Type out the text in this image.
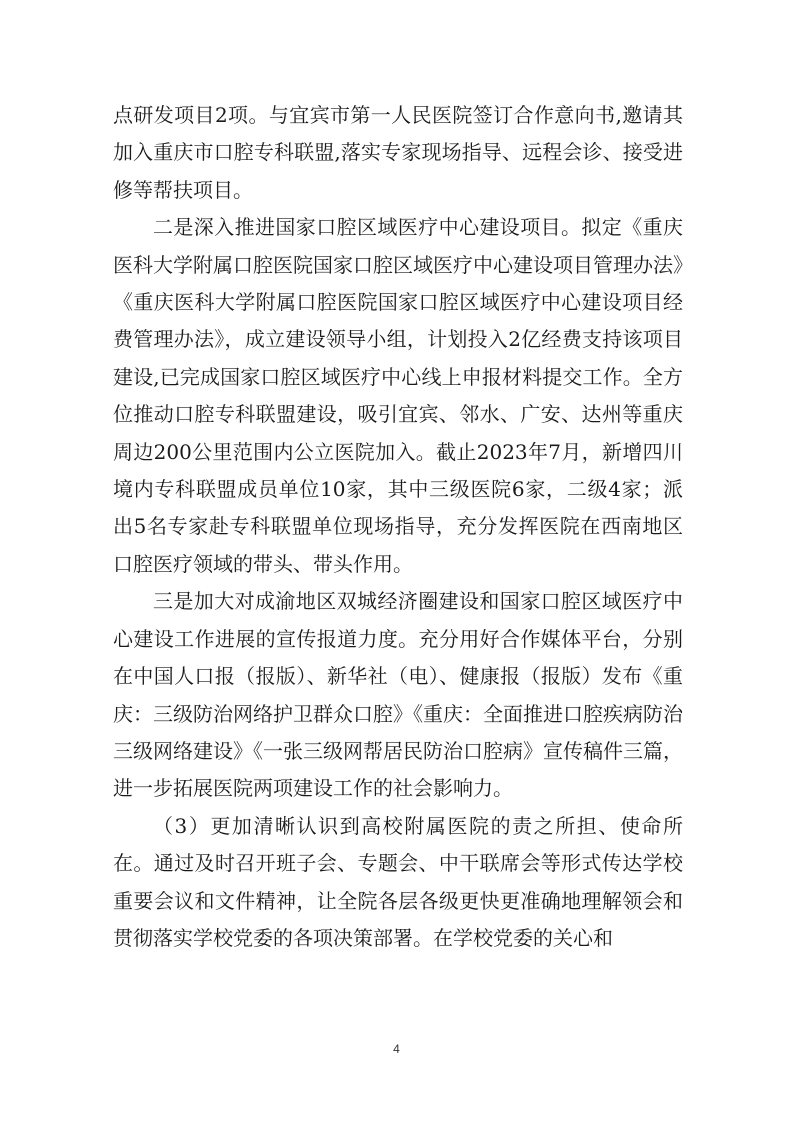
点研发项目2项。与宜宾市第一人民医院签订合作意向书,邀请其加入重庆市口腔专科联盟,落实专家现场指导、远程会诊、接受进修等帮扶项目。

二是深入推进国家口腔区域医疗中心建设项目。拟定《重庆医科大学附属口腔医院国家口腔区域医疗中心建设项目管理办法》《重庆医科大学附属口腔医院国家口腔区域医疗中心建设项目经费管理办法》，成立建设领导小组，计划投入2亿经费支持该项目建设,已完成国家口腔区域医疗中心线上申报材料提交工作。全方位推动口腔专科联盟建设，吸引宜宾、邻水、广安、达州等重庆周边200公里范围内公立医院加入。截止2023年7月，新增四川境内专科联盟成员单位10家，其中三级医院6家，二级4家；派出5名专家赴专科联盟单位现场指导，充分发挥医院在西南地区口腔医疗领域的带头、带头作用。

三是加大对成渝地区双城经济圈建设和国家口腔区域医疗中心建设工作进展的宣传报道力度。充分用好合作媒体平台，分别在中国人口报（报版）、新华社（电）、健康报（报版）发布《重庆：三级防治网络护卫群众口腔》《重庆：全面推进口腔疾病防治三级网络建设》《一张三级网帮居民防治口腔病》宣传稿件三篇，进一步拓展医院两项建设工作的社会影响力。

（3）更加清晰认识到高校附属医院的责之所担、使命所在。通过及时召开班子会、专题会、中干联席会等形式传达学校重要会议和文件精神，让全院各层各级更快更准确地理解领会和贯彻落实学校党委的各项决策部署。在学校党委的关心和

4
